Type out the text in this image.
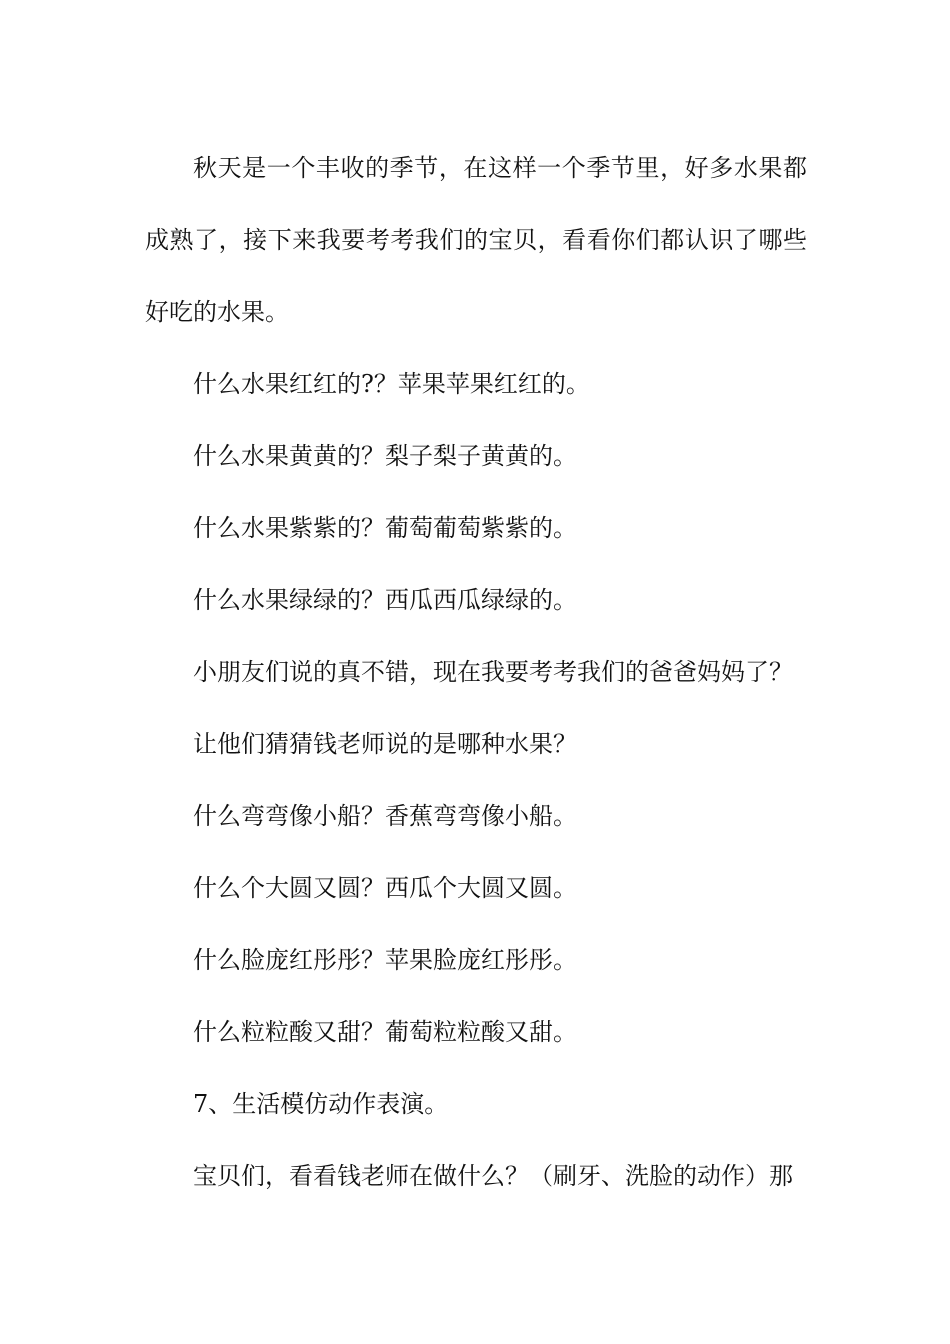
秋天是一个丰收的季节，在这样一个季节里，好多水果都成熟了，接下来我要考考我们的宝贝，看看你们都认识了哪些好吃的水果。

什么水果红红的?？苹果苹果红红的。

什么水果黄黄的？梨子梨子黄黄的。

什么水果紫紫的？葡萄葡萄紫紫的。

什么水果绿绿的？西瓜西瓜绿绿的。

小朋友们说的真不错，现在我要考考我们的爸爸妈妈了？

让他们猜猜钱老师说的是哪种水果？

什么弯弯像小船？香蕉弯弯像小船。

什么个大圆又圆？西瓜个大圆又圆。

什么脸庞红彤彤？苹果脸庞红彤彤。

什么粒粒酸又甜？葡萄粒粒酸又甜。

7、生活模仿动作表演。

宝贝们，看看钱老师在做什么？（刷牙、洗脸的动作）那
